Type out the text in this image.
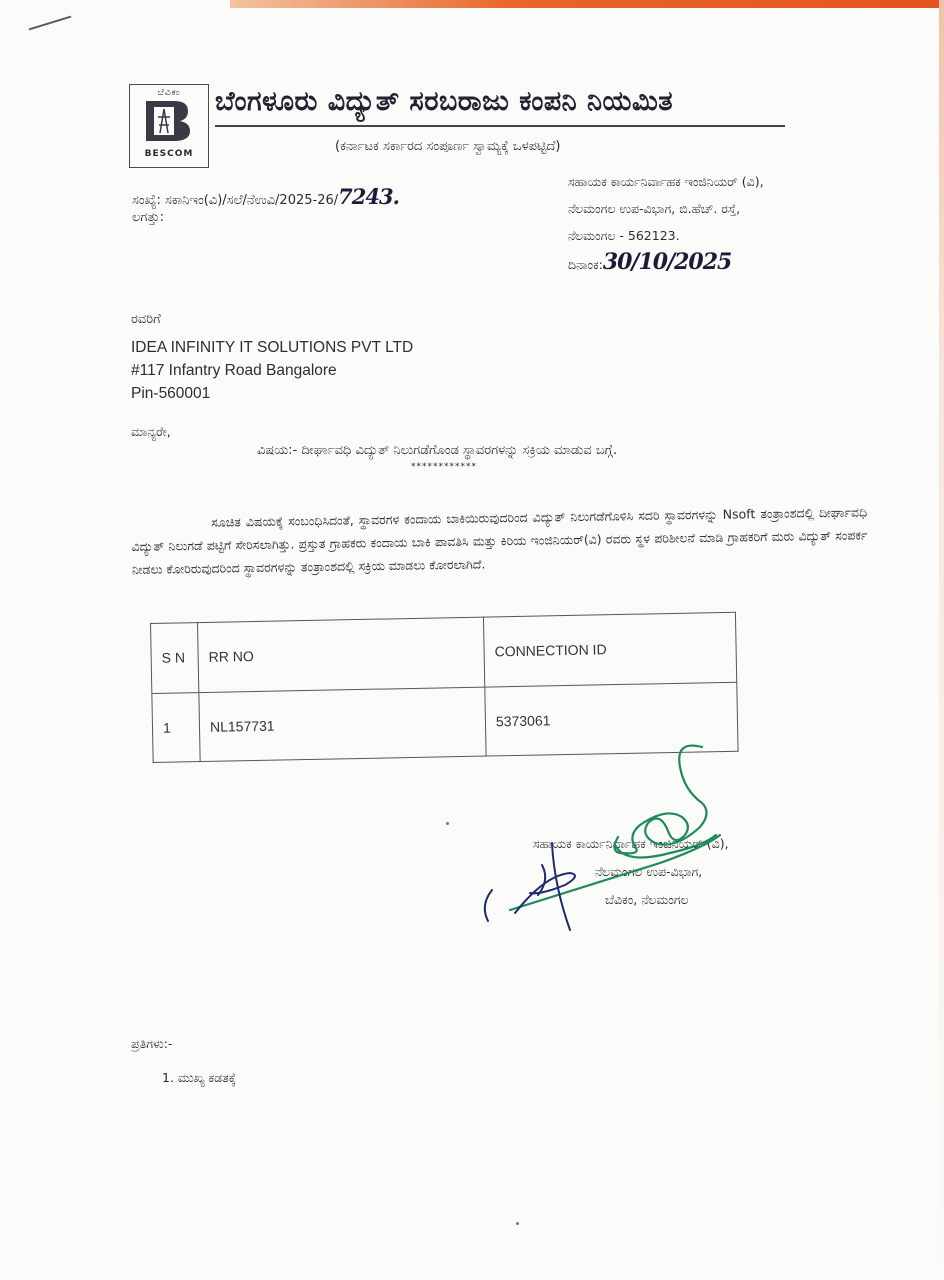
ಬೆವಿಕಂ
BESCOM
ಬೆಂಗಳೂರು ವಿದ್ಯುತ್ ಸರಬರಾಜು ಕಂಪನಿ ನಿಯಮಿತ
(ಕರ್ನಾಟಕ ಸರ್ಕಾರದ ಸಂಪೂರ್ಣ ಸ್ವಾಮ್ಯಕ್ಕೆ ಒಳಪಟ್ಟಿದೆ)
ಸಂಖ್ಯೆ: ಸಕಾನಿಇಂ(ವಿ)/ಸಲೆ/ನೆಉವಿ/2025-26/7243.
ಲಗತ್ತು:
ಸಹಾಯಕ ಕಾರ್ಯನಿರ್ವಾಹಕ ಇಂಜಿನಿಯರ್ (ವಿ),
ನೆಲಮಂಗಲ ಉಪ-ವಿಭಾಗ, ಬಿ.ಹೆಚ್. ರಸ್ತೆ,
ನೆಲಮಂಗಲ - 562123.
ದಿನಾಂಕ:30/10/2025
ರವರಿಗೆ
IDEA INFINITY IT SOLUTIONS PVT LTD
#117 Infantry Road Bangalore
Pin-560001
ಮಾನ್ಯರೇ,
ವಿಷಯ:- ದೀರ್ಘಾವಧಿ ವಿದ್ಯುತ್ ನಿಲುಗಡೆಗೊಂಡ ಸ್ಥಾವರಗಳನ್ನು ಸಕ್ರಿಯ ಮಾಡುವ ಬಗ್ಗೆ.
************
ಸೂಚಿತ ವಿಷಯಕ್ಕೆ ಸಂಬಂಧಿಸಿದಂತೆ, ಸ್ಥಾವರಗಳ ಕಂದಾಯ ಬಾಕಿಯಿರುವುದರಿಂದ ವಿದ್ಯುತ್ ನಿಲುಗಡೆಗೊಳಿಸಿ ಸದರಿ ಸ್ಥಾವರಗಳನ್ನು Nsoft ತಂತ್ರಾಂಶದಲ್ಲಿ ದೀರ್ಘಾವಧಿ ವಿದ್ಯುತ್ ನಿಲುಗಡೆ ಪಟ್ಟಿಗೆ ಸೇರಿಸಲಾಗಿತ್ತು. ಪ್ರಸ್ತುತ ಗ್ರಾಹಕರು ಕಂದಾಯ ಬಾಕಿ ಪಾವತಿಸಿ ಮತ್ತು ಕಿರಿಯ ಇಂಜಿನಿಯರ್(ವಿ) ರವರು ಸ್ಥಳ ಪರಿಶೀಲನೆ ಮಾಡಿ ಗ್ರಾಹಕರಿಗೆ ಮರು ವಿದ್ಯುತ್ ಸಂಪರ್ಕ ನೀಡಲು ಕೋರಿರುವುದರಿಂದ ಸ್ಥಾವರಗಳನ್ನು ತಂತ್ರಾಂಶದಲ್ಲಿ ಸಕ್ರಿಯ ಮಾಡಲು ಕೋರಲಾಗಿದೆ.
S N	RR NO	CONNECTION ID
1	NL157731	5373061
ಸಹಾಯಕ ಕಾರ್ಯನಿರ್ವಾಹಕ ಇಂಜಿನಿಯರ್ (ವಿ),
ನೆಲಮಂಗಲ ಉಪ-ವಿಭಾಗ,
ಬೆವಿಕಂ, ನೆಲಮಂಗಲ
ಪ್ರತಿಗಳು:-
1. ಮುಖ್ಯ ಕಡತಕ್ಕೆ
